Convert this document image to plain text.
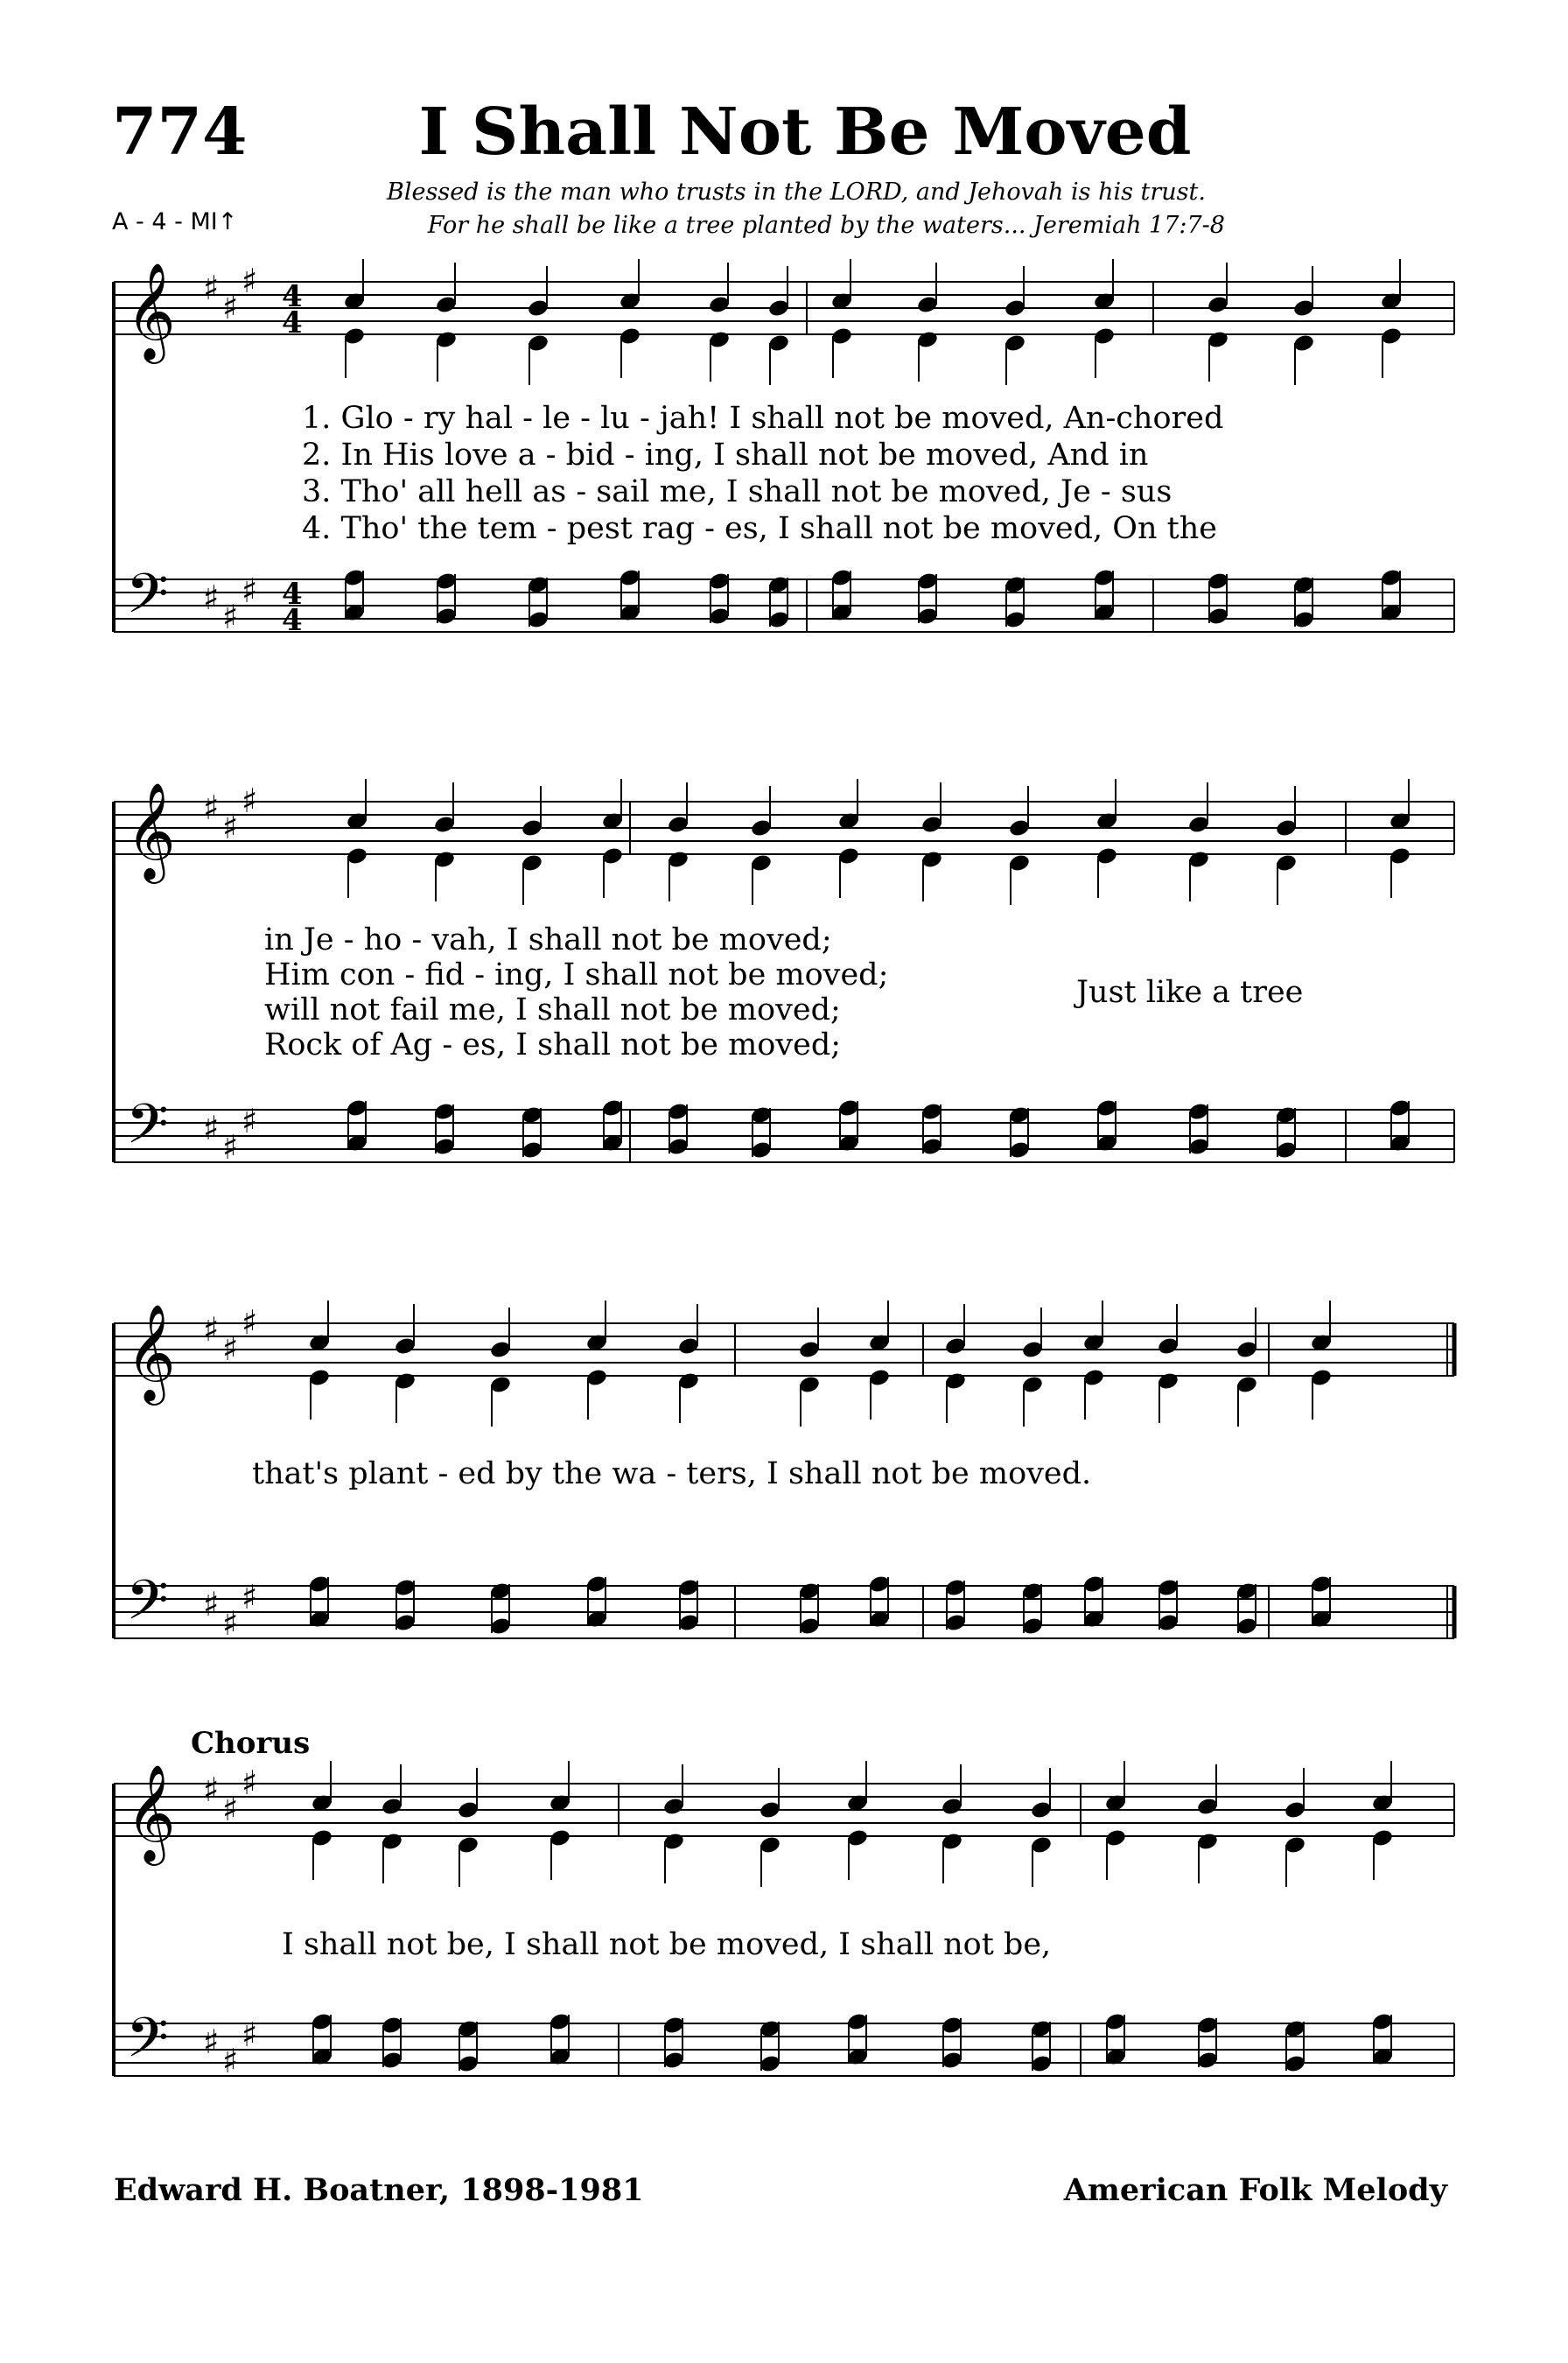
774	I Shall Not Be Moved
Blessed is the man who trusts in the LORD, and Jehovah is his trust.
For he shall be like a tree planted by the waters... Jeremiah 17:7-8
A - 4 - MI↑
𝄞
𝄢
♯ ♯
♯
♯ ♯
♯
4
4
4
4
𝄞
𝄢
♯ ♯
♯
♯ ♯
♯
𝄞
𝄢
♯ ♯
♯
♯ ♯
♯
𝄞
𝄢
♯ ♯
♯
♯ ♯
♯
1. Glo - ry hal - le - lu - jah! I shall not be moved, An-chored
2. In His love a - bid - ing, I shall not be moved, And in
3. Tho' all hell as - sail me, I shall not be moved, Je - sus
4. Tho' the tem - pest rag - es, I shall not be moved, On the
in Je - ho - vah, I shall not be moved;
Him con - fid - ing, I shall not be moved;
will not fail me, I shall not be moved;
Rock of Ag - es, I shall not be moved;
Just like a tree
that's plant - ed by the wa - ters, I shall not be moved.
Chorus
I shall not be, I shall not be moved, I shall not be,
Edward H. Boatner, 1898-1981	American Folk Melody
